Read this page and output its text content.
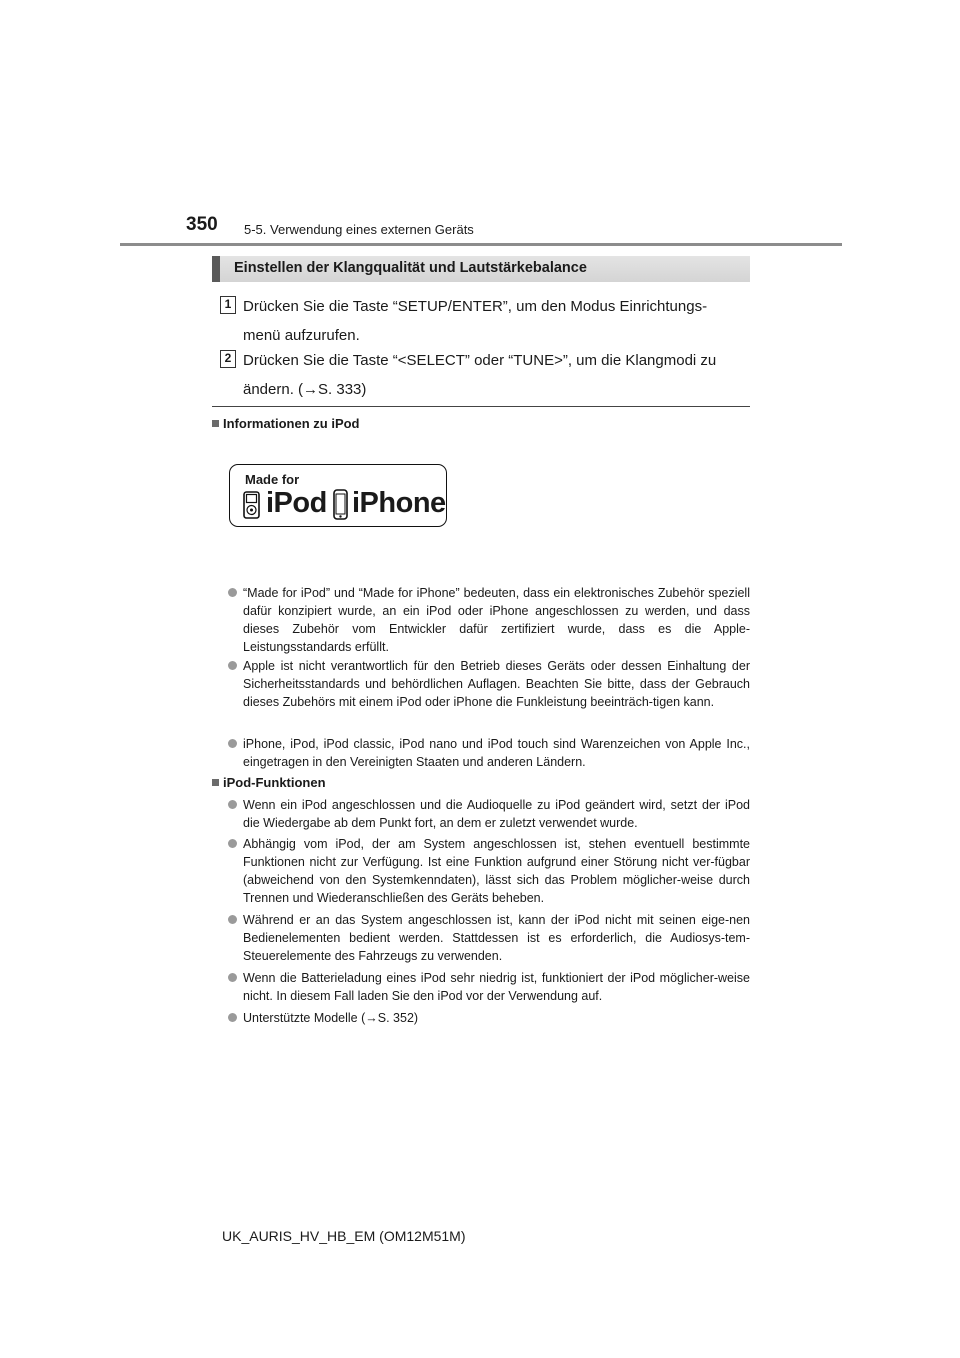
350 5-5. Verwendung eines externen Geräts
Einstellen der Klangqualität und Lautstärkebalance
1 Drücken Sie die Taste “SETUP/ENTER”, um den Modus Einrichtungs-
menü aufzurufen.
2 Drücken Sie die Taste “<SELECT” oder “TUNE>”, um die Klangmodi zu
ändern. (→S. 333)
Informationen zu iPod
Made for
iPod iPhone
“Made for iPod” und “Made for iPhone” bedeuten, dass ein elektronisches Zubehör speziell dafür konzipiert wurde, an ein iPod oder iPhone angeschlossen zu werden, und dass dieses Zubehör vom Entwickler dafür zertifiziert wurde, dass es die Apple-Leistungsstandards erfüllt.
Apple ist nicht verantwortlich für den Betrieb dieses Geräts oder dessen Einhaltung der Sicherheitsstandards und behördlichen Auflagen. Beachten Sie bitte, dass der Gebrauch dieses Zubehörs mit einem iPod oder iPhone die Funkleistung beeinträch-tigen kann.
iPhone, iPod, iPod classic, iPod nano und iPod touch sind Warenzeichen von Apple Inc., eingetragen in den Vereinigten Staaten und anderen Ländern.
iPod-Funktionen
Wenn ein iPod angeschlossen und die Audioquelle zu iPod geändert wird, setzt der iPod die Wiedergabe ab dem Punkt fort, an dem er zuletzt verwendet wurde.
Abhängig vom iPod, der am System angeschlossen ist, stehen eventuell bestimmte Funktionen nicht zur Verfügung. Ist eine Funktion aufgrund einer Störung nicht ver-fügbar (abweichend von den Systemkenndaten), lässt sich das Problem möglicher-weise durch Trennen und Wiederanschließen des Geräts beheben.
Während er an das System angeschlossen ist, kann der iPod nicht mit seinen eige-nen Bedienelementen bedient werden. Stattdessen ist es erforderlich, die Audiosys-tem-Steuerelemente des Fahrzeugs zu verwenden.
Wenn die Batterieladung eines iPod sehr niedrig ist, funktioniert der iPod möglicher-weise nicht. In diesem Fall laden Sie den iPod vor der Verwendung auf.
Unterstützte Modelle (→S. 352)
UK_AURIS_HV_HB_EM (OM12M51M)
